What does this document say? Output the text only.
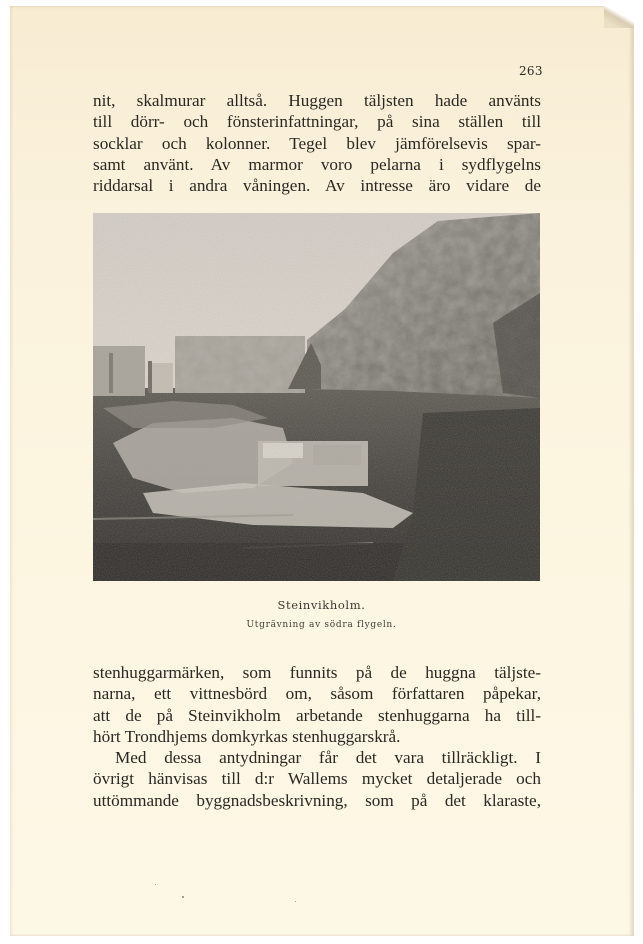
263
nit, skalmurar alltså. Huggen täljsten hade använts
till dörr- och fönsterinfattningar, på sina ställen till
socklar och kolonner. Tegel blev jämförelsevis spar-
samt använt. Av marmor voro pelarna i sydflygelns
riddarsal i andra våningen. Av intresse äro vidare de
Steinvikholm.
Utgrävning av södra flygeln.
stenhuggarmärken, som funnits på de huggna täljste-
narna, ett vittnesbörd om, såsom författaren påpekar,
att de på Steinvikholm arbetande stenhuggarna ha till-
hört Trondhjems domkyrkas stenhuggarskrå.
Med dessa antydningar får det vara tillräckligt. I
övrigt hänvisas till d:r Wallems mycket detaljerade och
uttömmande byggnadsbeskrivning, som på det klaraste,
